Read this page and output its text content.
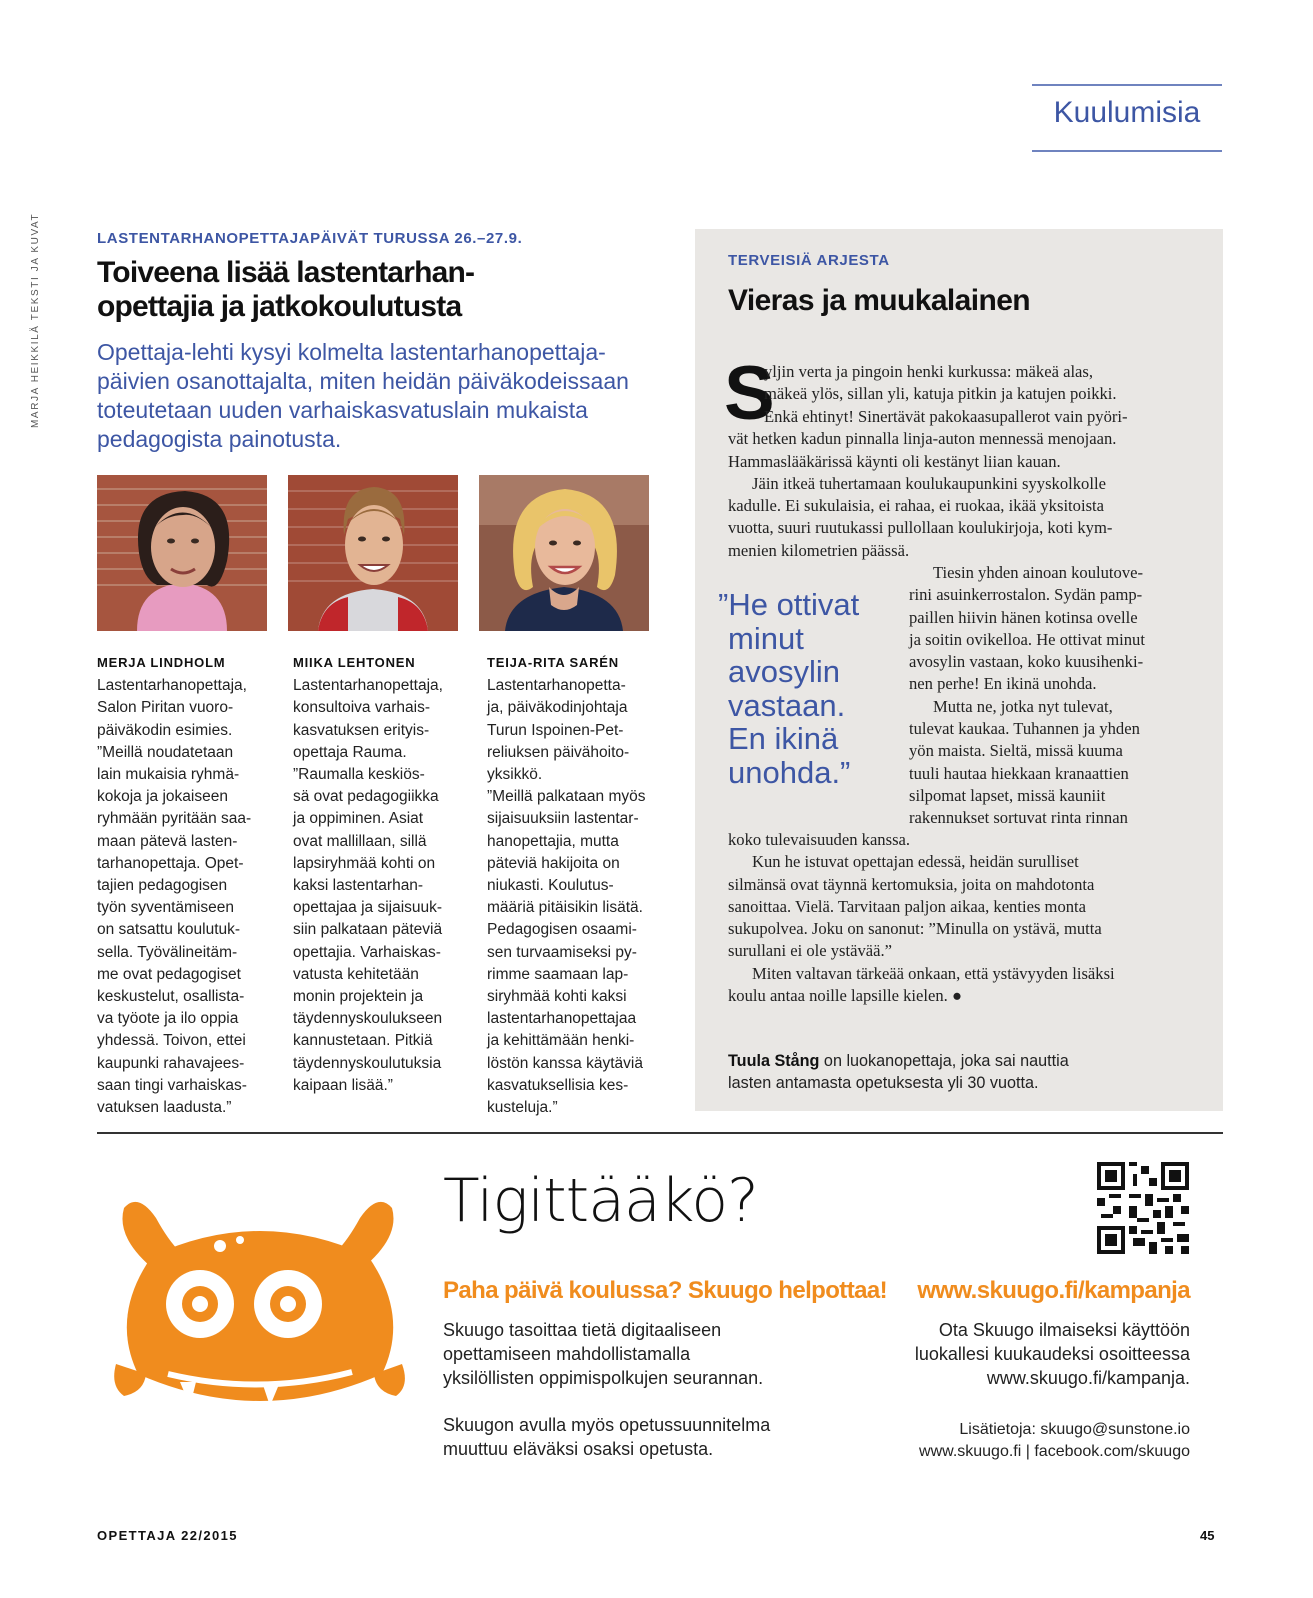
Kuulumisia
MARJA HEIKKILÄ TEKSTI JA KUVAT	LASTENTARHANOPETTAJAPÄIVÄT TURUSSA 26.–27.9.
Toiveena lisää lastentarhan-
opettajia ja jatkokoulutusta
Opettaja-lehti kysyi kolmelta lastentarhanopettaja-
päivien osanottajalta, miten heidän päiväkodeissaan
toteutetaan uuden varhaiskasvatuslain mukaista
pedagogista painotusta.
MERJA LINDHOLM
Lastentarhanopettaja,
Salon Piritan vuoro-
päiväkodin esimies.
”Meillä noudatetaan
lain mukaisia ryhmä-
kokoja ja jokaiseen
ryhmään pyritään saa-
maan pätevä lasten-
tarhanopettaja. Opet-
tajien pedagogisen
työn syventämiseen
on satsattu koulutuk-
sella. Työvälineitäm-
me ovat pedagogiset
keskustelut, osallista-
va työote ja ilo oppia
yhdessä. Toivon, ettei
kaupunki rahavajees-
saan tingi varhaiskas-
vatuksen laadusta.”
MIIKA LEHTONEN
Lastentarhanopettaja,
konsultoiva varhais-
kasvatuksen erityis-
opettaja Rauma.
”Raumalla keskiös-
sä ovat pedagogiikka
ja oppiminen. Asiat
ovat mallillaan, sillä
lapsiryhmää kohti on
kaksi lastentarhan-
opettajaa ja sijaisuuk-
siin palkataan päteviä
opettajia. Varhaiskas-
vatusta kehitetään
monin projektein ja
täydennyskoulukseen
kannustetaan. Pitkiä
täydennyskoulutuksia
kaipaan lisää.”
TEIJA-RITA SARÉN
Lastentarhanopetta-
ja, päiväkodinjohtaja
Turun Ispoinen-Pet-
reliuksen päivähoito-
yksikkö.
”Meillä palkataan myös
sijaisuuksiin lastentar-
hanopettajia, mutta
päteviä hakijoita on
niukasti. Koulutus-
määriä pitäisikin lisätä.
Pedagogisen osaami-
sen turvaamiseksi py-
rimme saamaan lap-
siryhmää kohti kaksi
lastentarhanopettajaa
ja kehittämään henki-
löstön kanssa käytäviä
kasvatuksellisia kes-
kusteluja.”
TERVEISIÄ ARJESTA
Vieras ja muukalainen
S
yljin verta ja pingoin henki kurkussa: mäkeä alas,
mäkeä ylös, sillan yli, katuja pitkin ja katujen poikki.
Enkä ehtinyt! Sinertävät pakokaasupallerot vain pyöri-
vät hetken kadun pinnalla linja-auton mennessä menojaan.
Hammaslääkärissä käynti oli kestänyt liian kauan.
Jäin itkeä tuhertamaan koulukaupunkini syyskolkolle
kadulle. Ei sukulaisia, ei rahaa, ei ruokaa, ikää yksitoista
vuotta, suuri ruutukassi pullollaan koulukirjoja, koti kym-
menien kilometrien päässä.
”He ottivat
minut
avosylin
vastaan.
En ikinä
unohda.”
Tiesin yhden ainoan koulutove-
rini asuinkerrostalon. Sydän pamp-
paillen hiivin hänen kotinsa ovelle
ja soitin ovikelloa. He ottivat minut
avosylin vastaan, koko kuusihenki-
nen perhe! En ikinä unohda.
Mutta ne, jotka nyt tulevat,
tulevat kaukaa. Tuhannen ja yhden
yön maista. Sieltä, missä kuuma
tuuli hautaa hiekkaan kranaattien
silpomat lapset, missä kauniit
rakennukset sortuvat rinta rinnan
koko tulevaisuuden kanssa.
Kun he istuvat opettajan edessä, heidän surulliset
silmänsä ovat täynnä kertomuksia, joita on mahdotonta
sanoittaa. Vielä. Tarvitaan paljon aikaa, kenties monta
sukupolvea. Joku on sanonut: ”Minulla on ystävä, mutta
surullani ei ole ystävää.”
Miten valtavan tärkeää onkaan, että ystävyyden lisäksi
koulu antaa noille lapsille kielen. ●
Tuula Stång on luokanopettaja, joka sai nauttia
lasten antamasta opetuksesta yli 30 vuotta.
Tigittääkö?
Paha päivä koulussa? Skuugo helpottaa!
Skuugo tasoittaa tietä digitaaliseen
opettamiseen mahdollistamalla
yksilöllisten oppimispolkujen seurannan.
Skuugon avulla myös opetussuunnitelma
muuttuu eläväksi osaksi opetusta.
www.skuugo.fi/kampanja
Ota Skuugo ilmaiseksi käyttöön
luokallesi kuukaudeksi osoitteessa
www.skuugo.fi/kampanja.
Lisätietoja: skuugo@sunstone.io
www.skuugo.fi | facebook.com/skuugo
OPETTAJA 22/2015	45
